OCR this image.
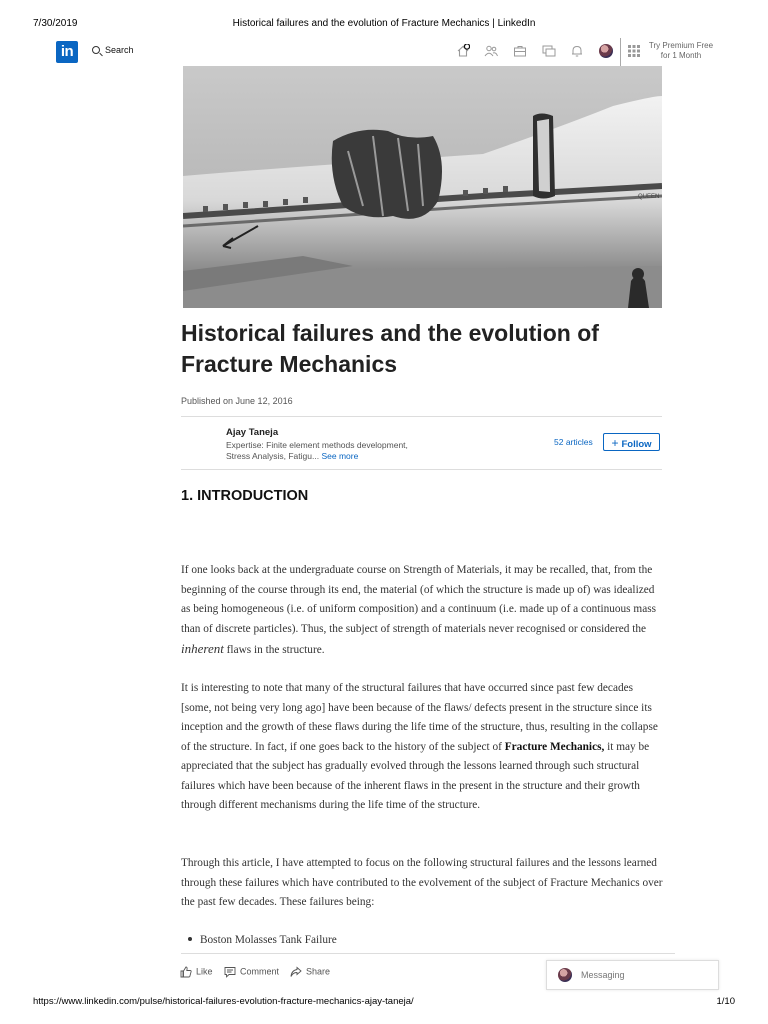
7/30/2019	Historical failures and the evolution of Fracture Mechanics | LinkedIn
in	Search	Try Premium Free
for 1 Month
QUEEN
Historical failures and the evolution of Fracture Mechanics
Published on June 12, 2016
Ajay Taneja
Expertise: Finite element methods development, Stress Analysis, Fatigu... See more
52 articles	+ Follow
1. INTRODUCTION
If one looks back at the undergraduate course on Strength of Materials, it may be recalled, that, from the beginning of the course through its end, the material (of which the structure is made up of) was idealized as being homogeneous (i.e. of uniform composition) and a continuum (i.e. made up of a continuous mass than of discrete particles). Thus, the subject of strength of materials never recognised or considered the inherent flaws in the structure.
It is interesting to note that many of the structural failures that have occurred since past few decades [some, not being very long ago] have been because of the flaws/ defects present in the structure since its inception and the growth of these flaws during the life time of the structure, thus, resulting in the collapse of the structure. In fact, if one goes back to the history of the subject of Fracture Mechanics, it may be appreciated that the subject has gradually evolved through the lessons learned through such structural failures which have been because of the inherent flaws in the present in the structure and their growth through different mechanisms during the life time of the structure.
Through this article, I have attempted to focus on the following structural failures and the lessons learned through these failures which have contributed to the evolvement of the subject of Fracture Mechanics over the past few decades. These failures being:
Boston Molasses Tank Failure
Like	Comment	Share	Messaging
https://www.linkedin.com/pulse/historical-failures-evolution-fracture-mechanics-ajay-taneja/	1/10
